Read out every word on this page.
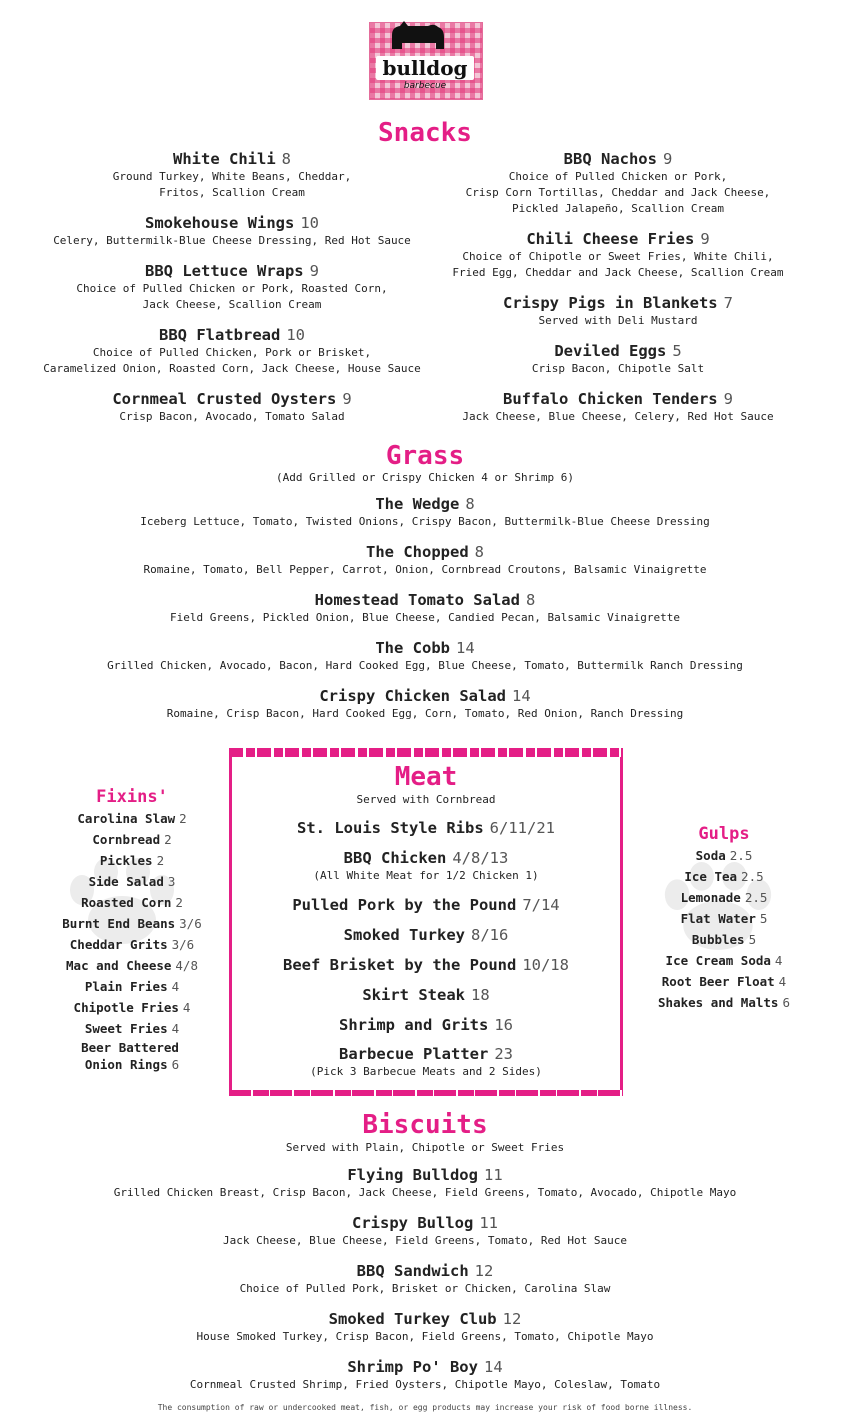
bulldog
barbecue
Snacks
White Chili 8
Ground Turkey, White Beans, Cheddar,
Fritos, Scallion Cream
Smokehouse Wings 10
Celery, Buttermilk-Blue Cheese Dressing, Red Hot Sauce
BBQ Lettuce Wraps 9
Choice of Pulled Chicken or Pork, Roasted Corn,
Jack Cheese, Scallion Cream
BBQ Flatbread 10
Choice of Pulled Chicken, Pork or Brisket,
Caramelized Onion, Roasted Corn, Jack Cheese, House Sauce
Cornmeal Crusted Oysters 9
Crisp Bacon, Avocado, Tomato Salad
BBQ Nachos 9
Choice of Pulled Chicken or Pork,
Crisp Corn Tortillas, Cheddar and Jack Cheese,
Pickled Jalapeño, Scallion Cream
Chili Cheese Fries 9
Choice of Chipotle or Sweet Fries, White Chili,
Fried Egg, Cheddar and Jack Cheese, Scallion Cream
Crispy Pigs in Blankets 7
Served with Deli Mustard
Deviled Eggs 5
Crisp Bacon, Chipotle Salt
Buffalo Chicken Tenders 9
Jack Cheese, Blue Cheese, Celery, Red Hot Sauce
Grass
(Add Grilled or Crispy Chicken 4 or Shrimp 6)
The Wedge 8
Iceberg Lettuce, Tomato, Twisted Onions, Crispy Bacon, Buttermilk-Blue Cheese Dressing
The Chopped 8
Romaine, Tomato, Bell Pepper, Carrot, Onion, Cornbread Croutons, Balsamic Vinaigrette
Homestead Tomato Salad 8
Field Greens, Pickled Onion, Blue Cheese, Candied Pecan, Balsamic Vinaigrette
The Cobb 14
Grilled Chicken, Avocado, Bacon, Hard Cooked Egg, Blue Cheese, Tomato, Buttermilk Ranch Dressing
Crispy Chicken Salad 14
Romaine, Crisp Bacon, Hard Cooked Egg, Corn, Tomato, Red Onion, Ranch Dressing
Fixins'
Carolina Slaw 2
Cornbread 2
Pickles 2
Side Salad 3
Roasted Corn 2
Burnt End Beans 3/6
Cheddar Grits 3/6
Mac and Cheese 4/8
Plain Fries 4
Chipotle Fries 4
Sweet Fries 4
Beer Battered
Onion Rings 6
Meat
Served with Cornbread
St. Louis Style Ribs 6/11/21
BBQ Chicken 4/8/13
(All White Meat for 1/2 Chicken 1)
Pulled Pork by the Pound 7/14
Smoked Turkey 8/16
Beef Brisket by the Pound 10/18
Skirt Steak 18
Shrimp and Grits 16
Barbecue Platter 23
(Pick 3 Barbecue Meats and 2 Sides)
Gulps
Soda 2.5
Ice Tea 2.5
Lemonade 2.5
Flat Water 5
Bubbles 5
Ice Cream Soda 4
Root Beer Float 4
Shakes and Malts 6
Biscuits
Served with Plain, Chipotle or Sweet Fries
Flying Bulldog 11
Grilled Chicken Breast, Crisp Bacon, Jack Cheese, Field Greens, Tomato, Avocado, Chipotle Mayo
Crispy Bullog 11
Jack Cheese, Blue Cheese, Field Greens, Tomato, Red Hot Sauce
BBQ Sandwich 12
Choice of Pulled Pork, Brisket or Chicken, Carolina Slaw
Smoked Turkey Club 12
House Smoked Turkey, Crisp Bacon, Field Greens, Tomato, Chipotle Mayo
Shrimp Po' Boy 14
Cornmeal Crusted Shrimp, Fried Oysters, Chipotle Mayo, Coleslaw, Tomato
The consumption of raw or undercooked meat, fish, or egg products may increase your risk of food borne illness.
